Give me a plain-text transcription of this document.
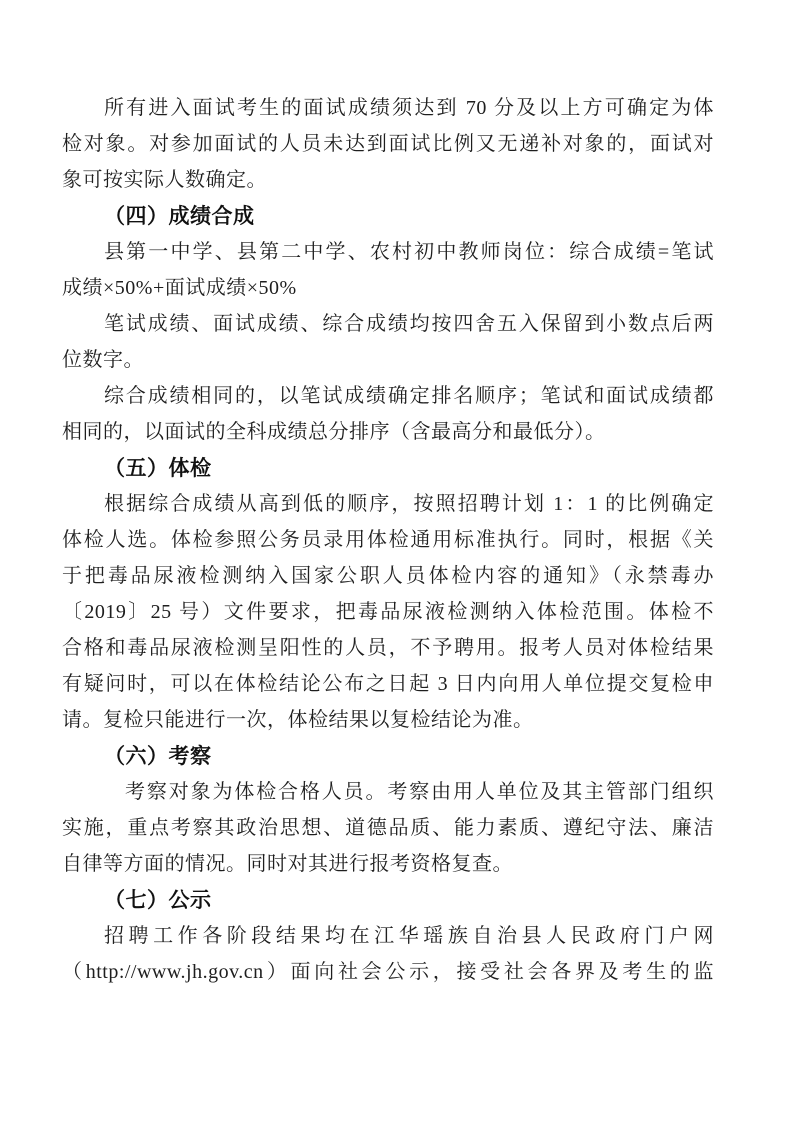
所有进入面试考生的面试成绩须达到 70 分及以上方可确定为体
检对象。对参加面试的人员未达到面试比例又无递补对象的，面试对
象可按实际人数确定。
（四）成绩合成
县第一中学、县第二中学、农村初中教师岗位：综合成绩=笔试
成绩×50%+面试成绩×50%
笔试成绩、面试成绩、综合成绩均按四舍五入保留到小数点后两
位数字。
综合成绩相同的，以笔试成绩确定排名顺序；笔试和面试成绩都
相同的，以面试的全科成绩总分排序（含最高分和最低分）。
（五）体检
根据综合成绩从高到低的顺序，按照招聘计划 1：1 的比例确定
体检人选。体检参照公务员录用体检通用标准执行。同时，根据《关
于把毒品尿液检测纳入国家公职人员体检内容的通知》（永禁毒办
〔2019〕25 号）文件要求，把毒品尿液检测纳入体检范围。体检不
合格和毒品尿液检测呈阳性的人员，不予聘用。报考人员对体检结果
有疑问时，可以在体检结论公布之日起 3 日内向用人单位提交复检申
请。复检只能进行一次，体检结果以复检结论为准。
（六）考察
考察对象为体检合格人员。考察由用人单位及其主管部门组织
实施，重点考察其政治思想、道德品质、能力素质、遵纪守法、廉洁
自律等方面的情况。同时对其进行报考资格复查。
（七）公示
招聘工作各阶段结果均在江华瑶族自治县人民政府门户网
（http://www.jh.gov.cn）面向社会公示，接受社会各界及考生的监
